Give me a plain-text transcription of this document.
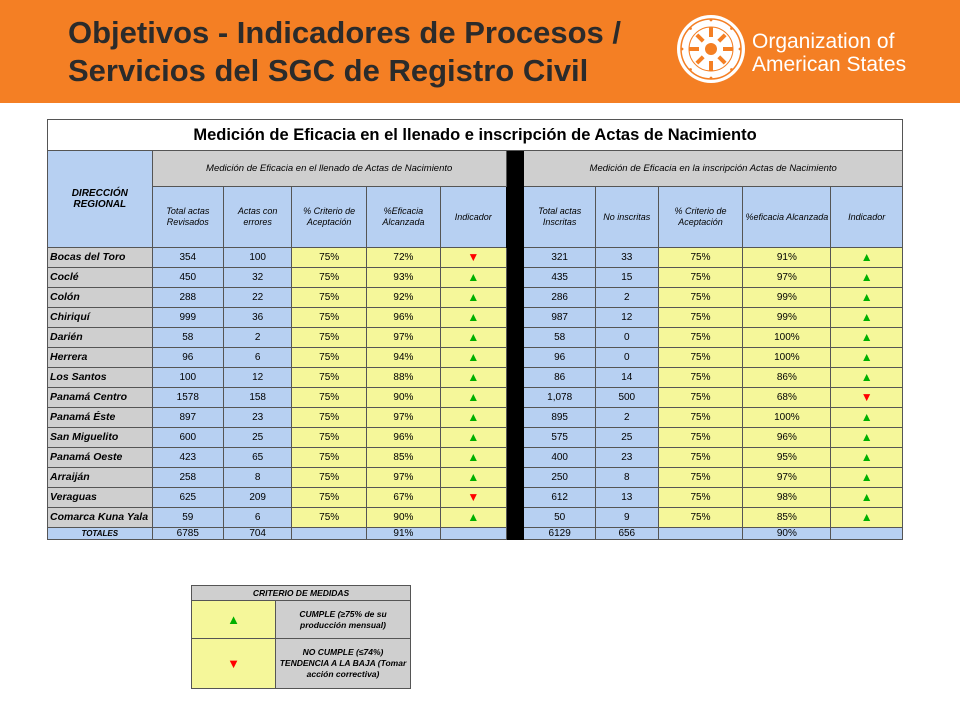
Objetivos - Indicadores de Procesos /
Servicios del SGC de Registro Civil
Organization of
American States
Medición de Eficacia en el llenado e inscripción de Actas de Nacimiento											
DIRECCIÓN REGIONAL	Medición de Eficacia en el llenado de Actas de Nacimiento						Medición de Eficacia en la inscripción Actas de Nacimiento				
	Total actas Revisados	Actas con errores	% Criterio de Aceptación	%Eficacia Alcanzada	Indicador		Total actas Inscritas	No inscritas	% Criterio de Aceptación	%eficacia Alcanzada	Indicador
Bocas del Toro	354	100	75%	72%	▼		321	33	75%	91%	▲
Coclé	450	32	75%	93%	▲		435	15	75%	97%	▲
Colón	288	22	75%	92%	▲		286	2	75%	99%	▲
Chiriquí	999	36	75%	96%	▲		987	12	75%	99%	▲
Darién	58	2	75%	97%	▲		58	0	75%	100%	▲
Herrera	96	6	75%	94%	▲		96	0	75%	100%	▲
Los Santos	100	12	75%	88%	▲		86	14	75%	86%	▲
Panamá Centro	1578	158	75%	90%	▲		1,078	500	75%	68%	▼
Panamá Éste	897	23	75%	97%	▲		895	2	75%	100%	▲
San Miguelito	600	25	75%	96%	▲		575	25	75%	96%	▲
Panamá Oeste	423	65	75%	85%	▲		400	23	75%	95%	▲
Arraiján	258	8	75%	97%	▲		250	8	75%	97%	▲
Veraguas	625	209	75%	67%	▼		612	13	75%	98%	▲
Comarca Kuna Yala	59	6	75%	90%	▲		50	9	75%	85%	▲
TOTALES	6785	704		91%			6129	656		90%	
CRITERIO DE MEDIDAS	
▲	CUMPLE (≥75% de su producción mensual)
▼	NO CUMPLE (≤74%) TENDENCIA A LA BAJA (Tomar acción correctiva)
